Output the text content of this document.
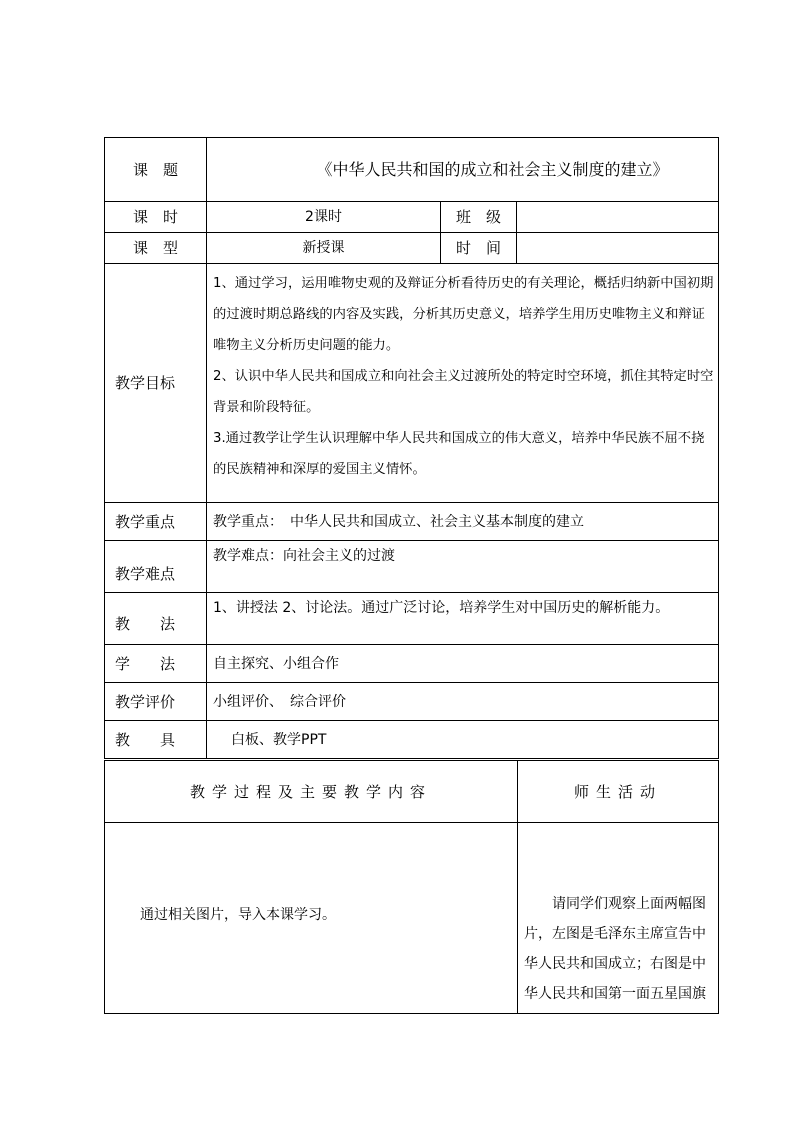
课　题	《中华人民共和国的成立和社会主义制度的建立》		
课　时	2课时	班　级	
课　型	新授课	时　间	
教学目标	1、通过学习，运用唯物史观的及辩证分析看待历史的有关理论，概括归纳新中国初期的过渡时期总路线的内容及实践，分析其历史意义，培养学生用历史唯物主义和辩证唯物主义分析历史问题的能力。

2、认识中华人民共和国成立和向社会主义过渡所处的特定时空环境，抓住其特定时空背景和阶段特征。

3.通过教学让学生认识理解中华人民共和国成立的伟大意义，培养中华民族不屈不挠的民族精神和深厚的爱国主义情怀。		

教学重点	教学重点：　中华人民共和国成立、社会主义基本制度的建立		
教学难点	教学难点：向社会主义的过渡		
教　　法	1、讲授法 2、讨论法。通过广泛讨论，培养学生对中国历史的解析能力。		
学　　法	自主探究、小组合作		
教学评价	小组评价、　综合评价		
教　　具	白板、教学PPT		
教学过程及主要教学内容	师生活动

通过相关图片，导入本课学习。	请同学们观察上面两幅图片，左图是毛泽东主席宣告中华人民共和国成立；右图是中华人民共和国第一面五星国旗
